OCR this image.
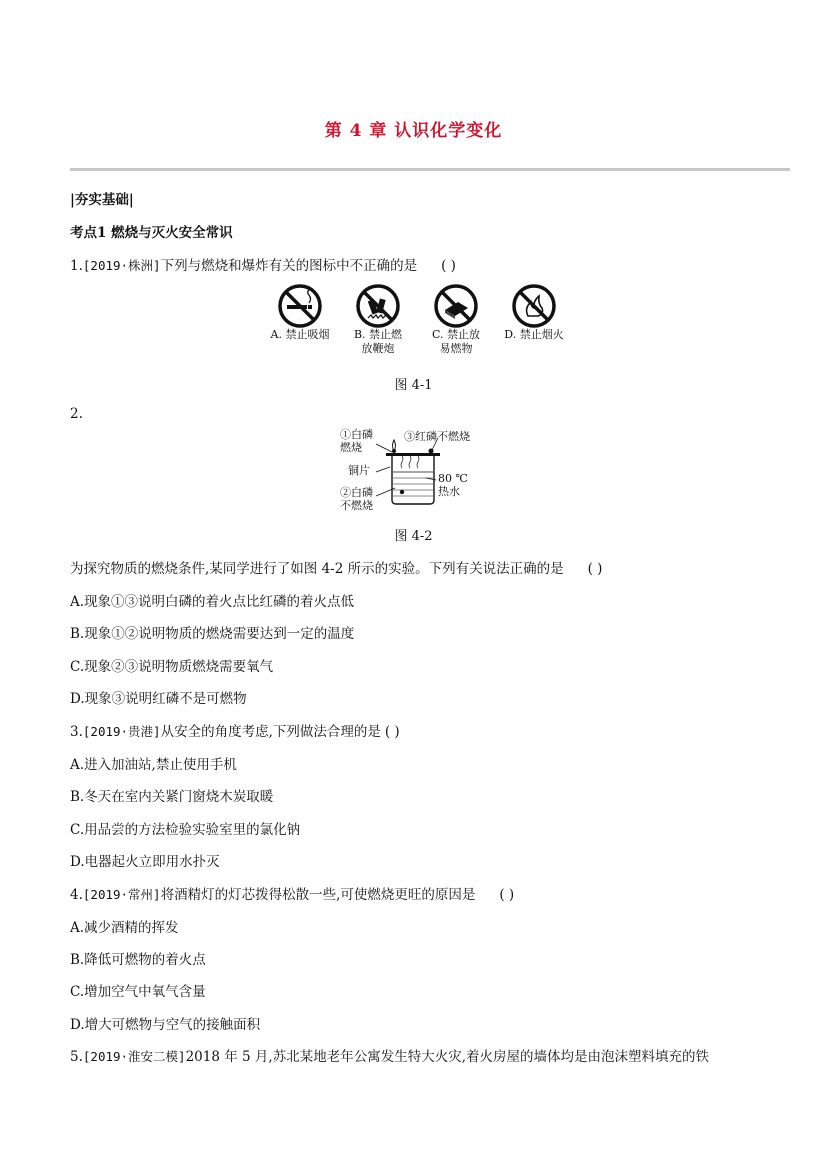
第 4 章 认识化学变化
|夯实基础|
考点1 燃烧与灭火安全常识
1.[2019·株洲]下列与燃烧和爆炸有关的图标中不正确的是 ( )
A. 禁止吸烟	B. 禁止燃
放鞭炮
C. 禁止放
易燃物
D. 禁止烟火
图 4-1
2.
①白磷
燃烧
③红磷不燃烧
铜片
80 ℃
热水
②白磷
不燃烧
图 4-2
为探究物质的燃烧条件,某同学进行了如图 4-2 所示的实验。下列有关说法正确的是 ( )
A.现象①③说明白磷的着火点比红磷的着火点低
B.现象①②说明物质的燃烧需要达到一定的温度
C.现象②③说明物质燃烧需要氧气
D.现象③说明红磷不是可燃物
3.[2019·贵港]从安全的角度考虑,下列做法合理的是 ( )
A.进入加油站,禁止使用手机
B.冬天在室内关紧门窗烧木炭取暖
C.用品尝的方法检验实验室里的氯化钠
D.电器起火立即用水扑灭
4.[2019·常州]将酒精灯的灯芯拨得松散一些,可使燃烧更旺的原因是 ( )
A.减少酒精的挥发
B.降低可燃物的着火点
C.增加空气中氧气含量
D.增大可燃物与空气的接触面积
5.[2019·淮安二模]2018 年 5 月,苏北某地老年公寓发生特大火灾,着火房屋的墙体均是由泡沫塑料填充的铁
